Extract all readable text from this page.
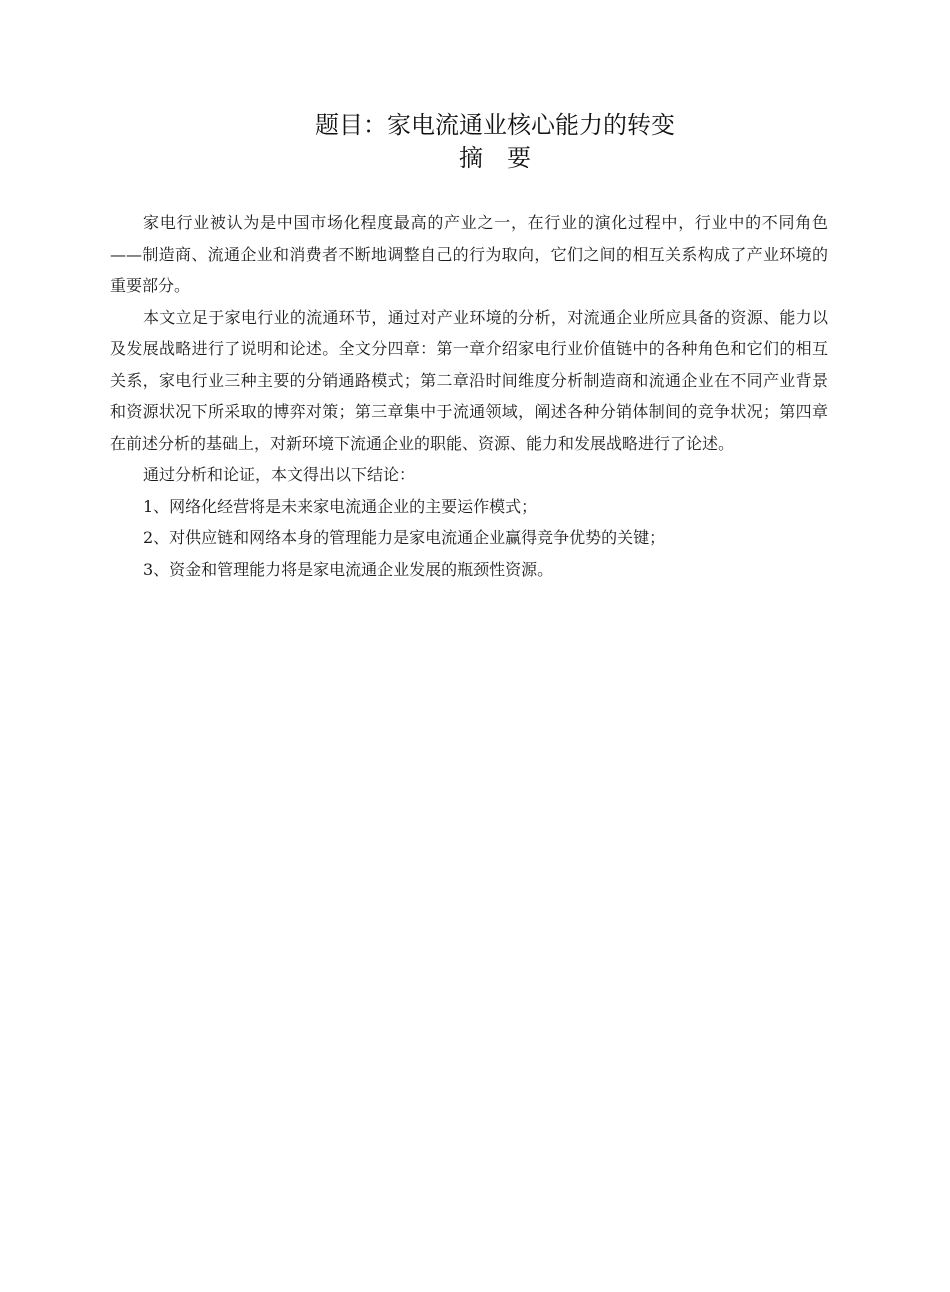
题目：家电流通业核心能力的转变
摘 要

家电行业被认为是中国市场化程度最高的产业之一，在行业的演化过程中，行业中的不同角色——制造商、流通企业和消费者不断地调整自己的行为取向，它们之间的相互关系构成了产业环境的重要部分。

本文立足于家电行业的流通环节，通过对产业环境的分析，对流通企业所应具备的资源、能力以及发展战略进行了说明和论述。全文分四章：第一章介绍家电行业价值链中的各种角色和它们的相互关系，家电行业三种主要的分销通路模式；第二章沿时间维度分析制造商和流通企业在不同产业背景和资源状况下所采取的博弈对策；第三章集中于流通领域，阐述各种分销体制间的竞争状况；第四章在前述分析的基础上，对新环境下流通企业的职能、资源、能力和发展战略进行了论述。

通过分析和论证，本文得出以下结论：

1、网络化经营将是未来家电流通企业的主要运作模式；

2、对供应链和网络本身的管理能力是家电流通企业赢得竞争优势的关键；

3、资金和管理能力将是家电流通企业发展的瓶颈性资源。
